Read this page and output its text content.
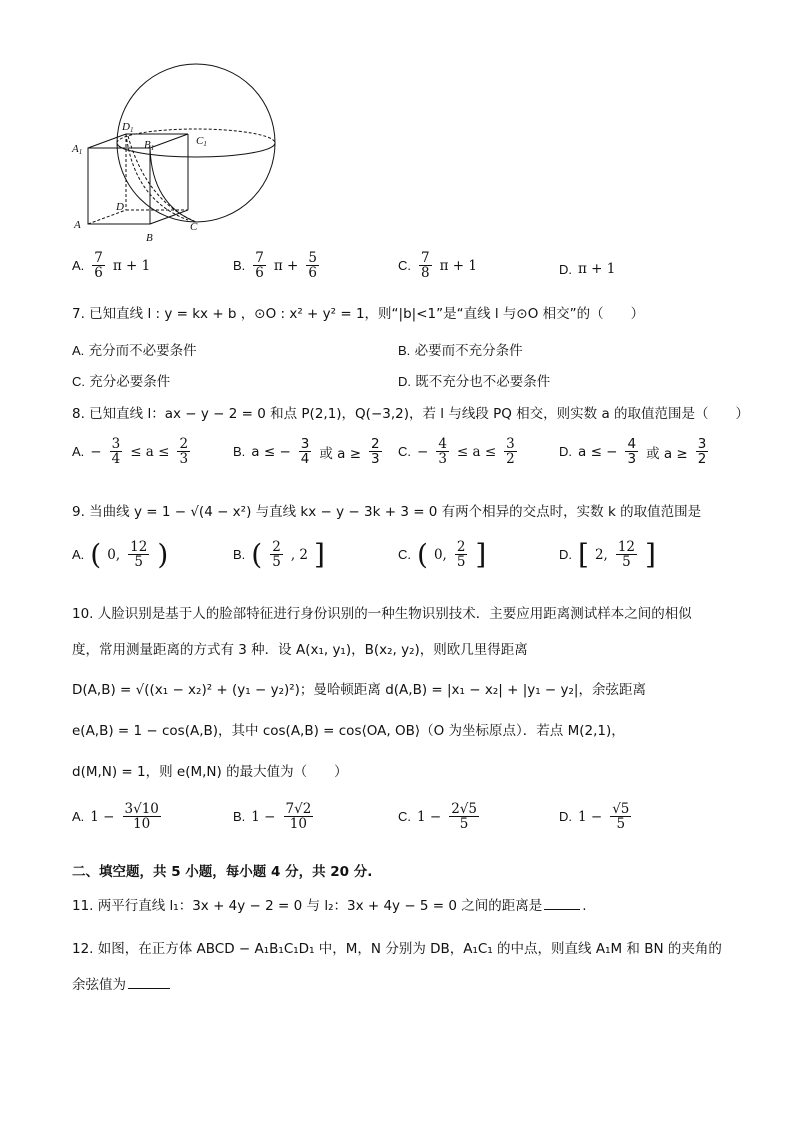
D1
C1
A1
B1
D
A
B
C
A. $\frac{7}{6}$ π + 1	B. $\frac{7}{6}$ $\pi + \frac{5}{6}$	C. $\frac{7}{8}$ π + 1	D. π + 1
7. 已知直线 l : y = kx + b ，⊙O : x² + y² = 1，则“|b|<1”是“直线 l 与⊙O 相交”的（　　）
A. 充分而不必要条件	B. 必要而不充分条件
C. 充分必要条件	D. 既不充分也不必要条件
8. 已知直线 l：ax − y − 2 = 0 和点 P(2,1)，Q(−3,2)，若 l 与线段 PQ 相交，则实数 a 的取值范围是（　　）
A. − $\frac{3}{4} \le a \le \frac{2}{3}$	B. a ≤ − $\frac{3}{4}$ 或 $a \ge \frac{2}{3} C$. − $\frac{4}{3} \le a \le \frac{3}{2}$	D. a ≤ − $\frac{4}{3}$ 或 $a \ge \frac{3}{2}$
9. 当曲线 y = 1 − √(4 − x²) 与直线 kx − y − 3k + 3 = 0 有两个相异的交点时，实数 k 的取值范围是
A. ( 0, $\frac{12}{5}$ )	B. ( $\frac{2}{5}$ , 2 ]	C. ( 0, $\frac{2}{5}$ ]	D. [ 2, $\frac{12}{5}$ ]
10. 人脸识别是基于人的脸部特征进行身份识别的一种生物识别技术．主要应用距离测试样本之间的相似
度，常用测量距离的方式有 3 种．设 A(x₁, y₁)，B(x₂, y₂)，则欧几里得距离
D(A,B) = √((x₁ − x₂)² + (y₁ − y₂)²)；曼哈顿距离 d(A,B) = |x₁ − x₂| + |y₁ − y₂|，余弦距离
e(A,B) = 1 − cos(A,B)，其中 cos(A,B) = cos⟨OA, OB⟩（O 为坐标原点）．若点 M(2,1)，
d(M,N) = 1，则 e(M,N) 的最大值为（　　）
A. $1 - \frac{3√10}{10}$	B. $1 - \frac{7√2}{10}$	C. $1 - \frac{2√5}{5}$	D. $1 - \frac{√5}{5}$
二、填空题，共 5 小题，每小题 4 分，共 20 分.
11. 两平行直线 l₁：3x + 4y − 2 = 0 与 l₂：3x + 4y − 5 = 0 之间的距离是	.
12. 如图，在正方体 ABCD − A₁B₁C₁D₁ 中，M，N 分别为 DB，A₁C₁ 的中点，则直线 A₁M 和 BN 的夹角的
余弦值为
